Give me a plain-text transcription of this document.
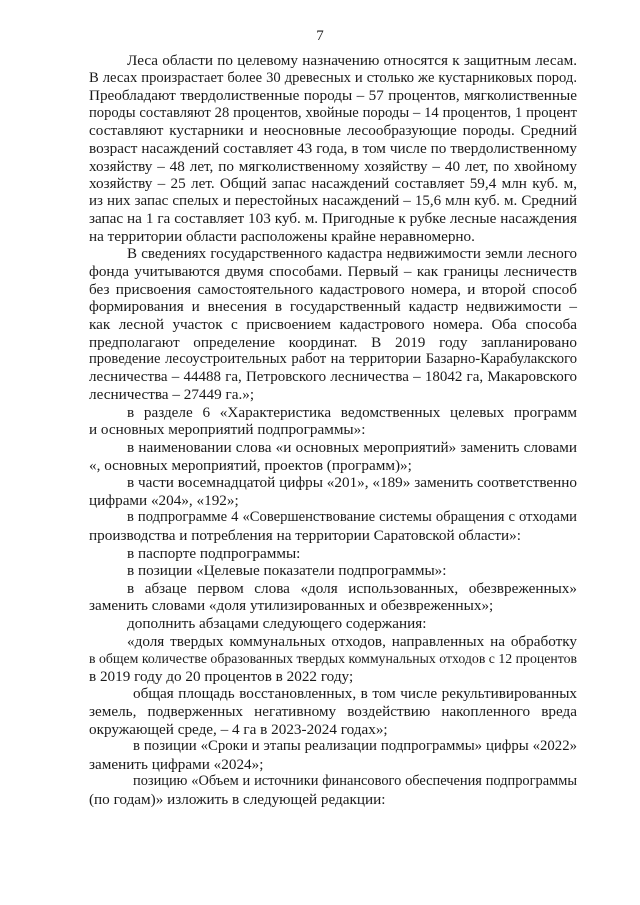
7
Леса области по целевому назначению относятся к защитным лесам.
В лесах произрастает более 30 древесных и столько же кустарниковых пород.
Преобладают твердолиственные породы – 57 процентов, мягколиственные
породы составляют 28 процентов, хвойные породы – 14 процентов, 1 процент
составляют кустарники и неосновные лесообразующие породы. Средний
возраст насаждений составляет 43 года, в том числе по твердолиственному
хозяйству – 48 лет, по мягколиственному хозяйству – 40 лет, по хвойному
хозяйству – 25 лет. Общий запас насаждений составляет 59,4 млн куб. м,
из них запас спелых и перестойных насаждений – 15,6 млн куб. м. Средний
запас на 1 га составляет 103 куб. м. Пригодные к рубке лесные насаждения
на территории области расположены крайне неравномерно.
В сведениях государственного кадастра недвижимости земли лесного
фонда учитываются двумя способами. Первый – как границы лесничеств
без присвоения самостоятельного кадастрового номера, и второй способ
формирования и внесения в государственный кадастр недвижимости –
как лесной участок с присвоением кадастрового номера. Оба способа
предполагают определение координат. В 2019 году запланировано
проведение лесоустроительных работ на территории Базарно-Карабулакского
лесничества – 44488 га, Петровского лесничества – 18042 га, Макаровского
лесничества – 27449 га.»;
в разделе 6 «Характеристика ведомственных целевых программ
и основных мероприятий подпрограммы»:
в наименовании слова «и основных мероприятий» заменить словами
«, основных мероприятий, проектов (программ)»;
в части восемнадцатой цифры «201», «189» заменить соответственно
цифрами «204», «192»;
в подпрограмме 4 «Совершенствование системы обращения с отходами
производства и потребления на территории Саратовской области»:
в паспорте подпрограммы:
в позиции «Целевые показатели подпрограммы»:
в абзаце первом слова «доля использованных, обезвреженных»
заменить словами «доля утилизированных и обезвреженных»;
дополнить абзацами следующего содержания:
«доля твердых коммунальных отходов, направленных на обработку
в общем количестве образованных твердых коммунальных отходов с 12 процентов
в 2019 году до 20 процентов в 2022 году;
общая площадь восстановленных, в том числе рекультивированных
земель, подверженных негативному воздействию накопленного вреда
окружающей среде, – 4 га в 2023-2024 годах»;
в позиции «Сроки и этапы реализации подпрограммы» цифры «2022»
заменить цифрами «2024»;
позицию «Объем и источники финансового обеспечения подпрограммы
(по годам)» изложить в следующей редакции:
